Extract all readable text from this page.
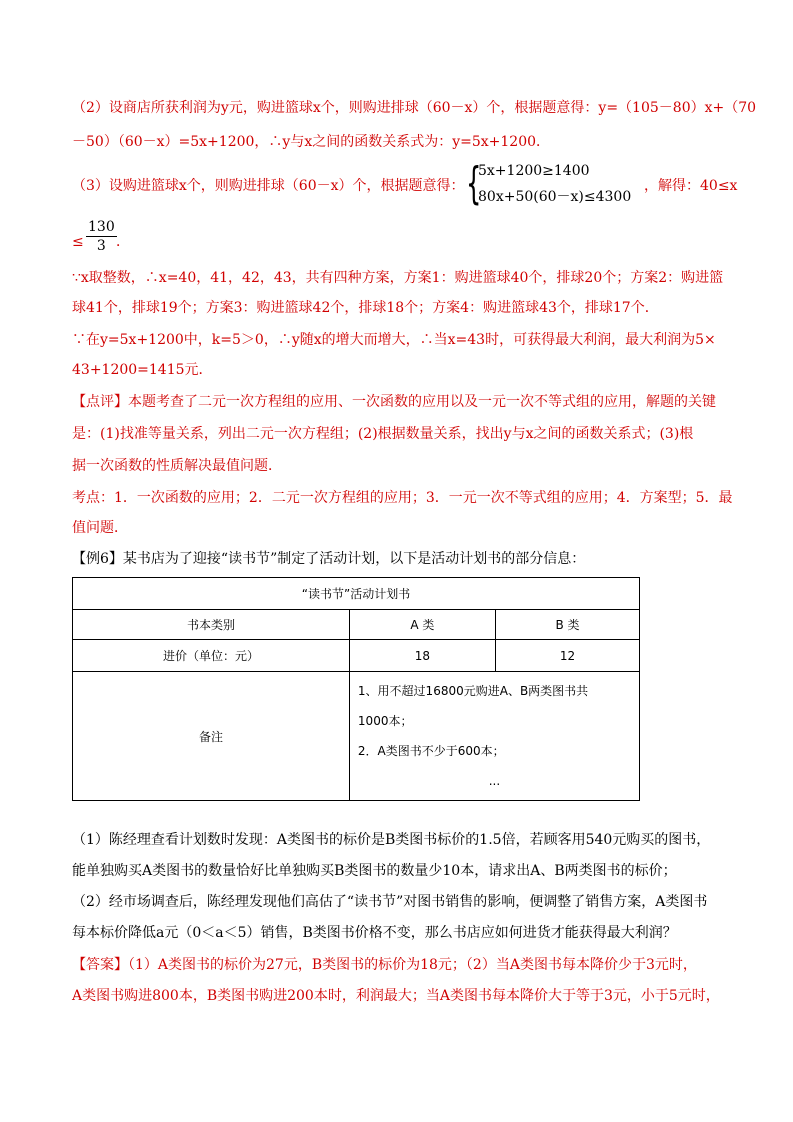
（2）设商店所获利润为y元，购进篮球x个，则购进排球（60－x）个，根据题意得：y=（105－80）x+（70
－50）（60－x）=5x+1200，∴y与x之间的函数关系式为：y=5x+1200．
（3）设购进篮球x个，则购进排球（60－x）个，根据题意得： {
5x+1200≥1400
80x+50(60－x)≤4300
，解得：40≤x
≤ $\frac{130}{3}$ ．
∵x取整数，∴x=40，41，42，43，共有四种方案，方案1：购进篮球40个，排球20个；方案2：购进篮
球41个，排球19个；方案3：购进篮球42个，排球18个；方案4：购进篮球43个，排球17个．
∵在y=5x+1200中，k=5＞0，∴y随x的增大而增大，∴当x=43时，可获得最大利润，最大利润为5×
43+1200=1415元．
【点评】本题考查了二元一次方程组的应用、一次函数的应用以及一元一次不等式组的应用，解题的关键
是：(1)找准等量关系，列出二元一次方程组；(2)根据数量关系，找出y与x之间的函数关系式；(3)根
据一次函数的性质解决最值问题．
考点：1．一次函数的应用；2．二元一次方程组的应用；3．一元一次不等式组的应用；4．方案型；5．最
值问题．
【例6】某书店为了迎接“读书节”制定了活动计划，以下是活动计划书的部分信息：
“读书节”活动计划书		
书本类别	A 类	B 类
进价（单位：元）	18	12
备注	1、用不超过16800元购进A、B两类图书共
1000本；
2．A类图书不少于600本；
...	
（1）陈经理查看计划数时发现：A类图书的标价是B类图书标价的1.5倍，若顾客用540元购买的图书，
能单独购买A类图书的数量恰好比单独购买B类图书的数量少10本，请求出A、B两类图书的标价；
（2）经市场调查后，陈经理发现他们高估了“读书节”对图书销售的影响，便调整了销售方案，A类图书
每本标价降低a元（0＜a＜5）销售，B类图书价格不变，那么书店应如何进货才能获得最大利润？
【答案】（1）A类图书的标价为27元，B类图书的标价为18元；（2）当A类图书每本降价少于3元时，
A类图书购进800本，B类图书购进200本时，利润最大；当A类图书每本降价大于等于3元，小于5元时，
